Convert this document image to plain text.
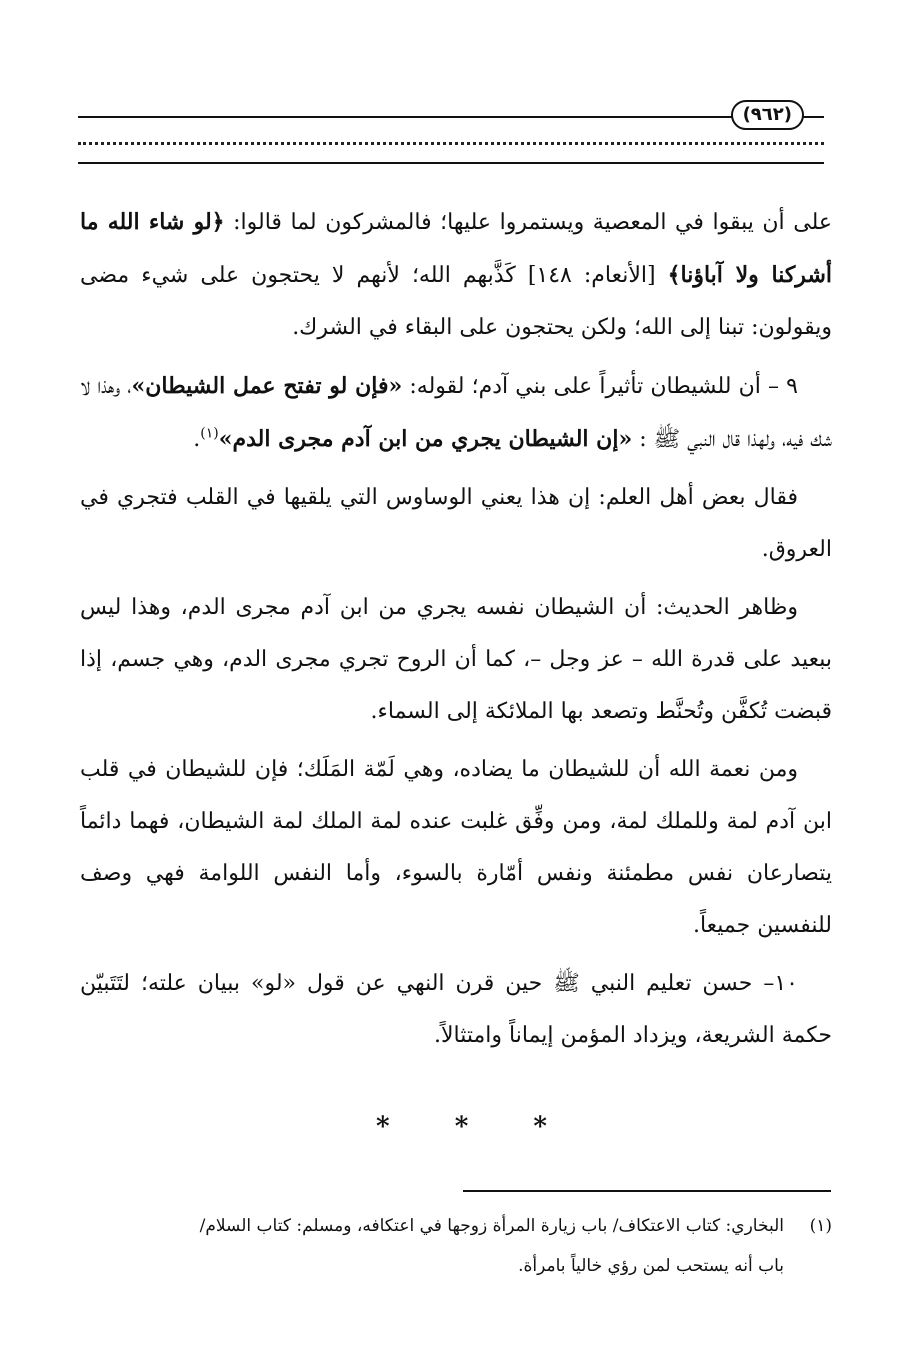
(٩٦٢)

على أن يبقوا في المعصية ويستمروا عليها؛ فالمشركون لما قالوا: ﴿لو شاء الله ما أشركنا ولا آباؤنا﴾ [الأنعام: ١٤٨] كَذَّبهم الله؛ لأنهم لا يحتجون على شيء مضى ويقولون: تبنا إلى الله؛ ولكن يحتجون على البقاء في الشرك.

٩ – أن للشيطان تأثيراً على بني آدم؛ لقوله: «فإن لو تفتح عمل الشيطان»، وهذا لا شك فيه، ولهذا قال النبي ﷺ : «إن الشيطان يجري من ابن آدم مجرى الدم»$^{(١)}$.

فقال بعض أهل العلم: إن هذا يعني الوساوس التي يلقيها في القلب فتجري في العروق.

وظاهر الحديث: أن الشيطان نفسه يجري من ابن آدم مجرى الدم، وهذا ليس ببعيد على قدرة الله – عز وجل –، كما أن الروح تجري مجرى الدم، وهي جسم، إذا قبضت تُكفَّن وتُحنَّط وتصعد بها الملائكة إلى السماء.

ومن نعمة الله أن للشيطان ما يضاده، وهي لَمّة المَلَك؛ فإن للشيطان في قلب ابن آدم لمة وللملك لمة، ومن وفِّق غلبت عنده لمة الملك لمة الشيطان، فهما دائماً يتصارعان نفس مطمئنة ونفس أمّارة بالسوء، وأما النفس اللوامة فهي وصف للنفسين جميعاً.

١٠– حسن تعليم النبي ﷺ حين قرن النهي عن قول «لو» ببيان علته؛ لتَتَبيّن حكمة الشريعة، ويزداد المؤمن إيماناً وامتثالاً.

* * *
(١)البخاري: كتاب الاعتكاف/ باب زيارة المرأة زوجها في اعتكافه، ومسلم: كتاب السلام/
باب أنه يستحب لمن رؤي خالياً بامرأة.
